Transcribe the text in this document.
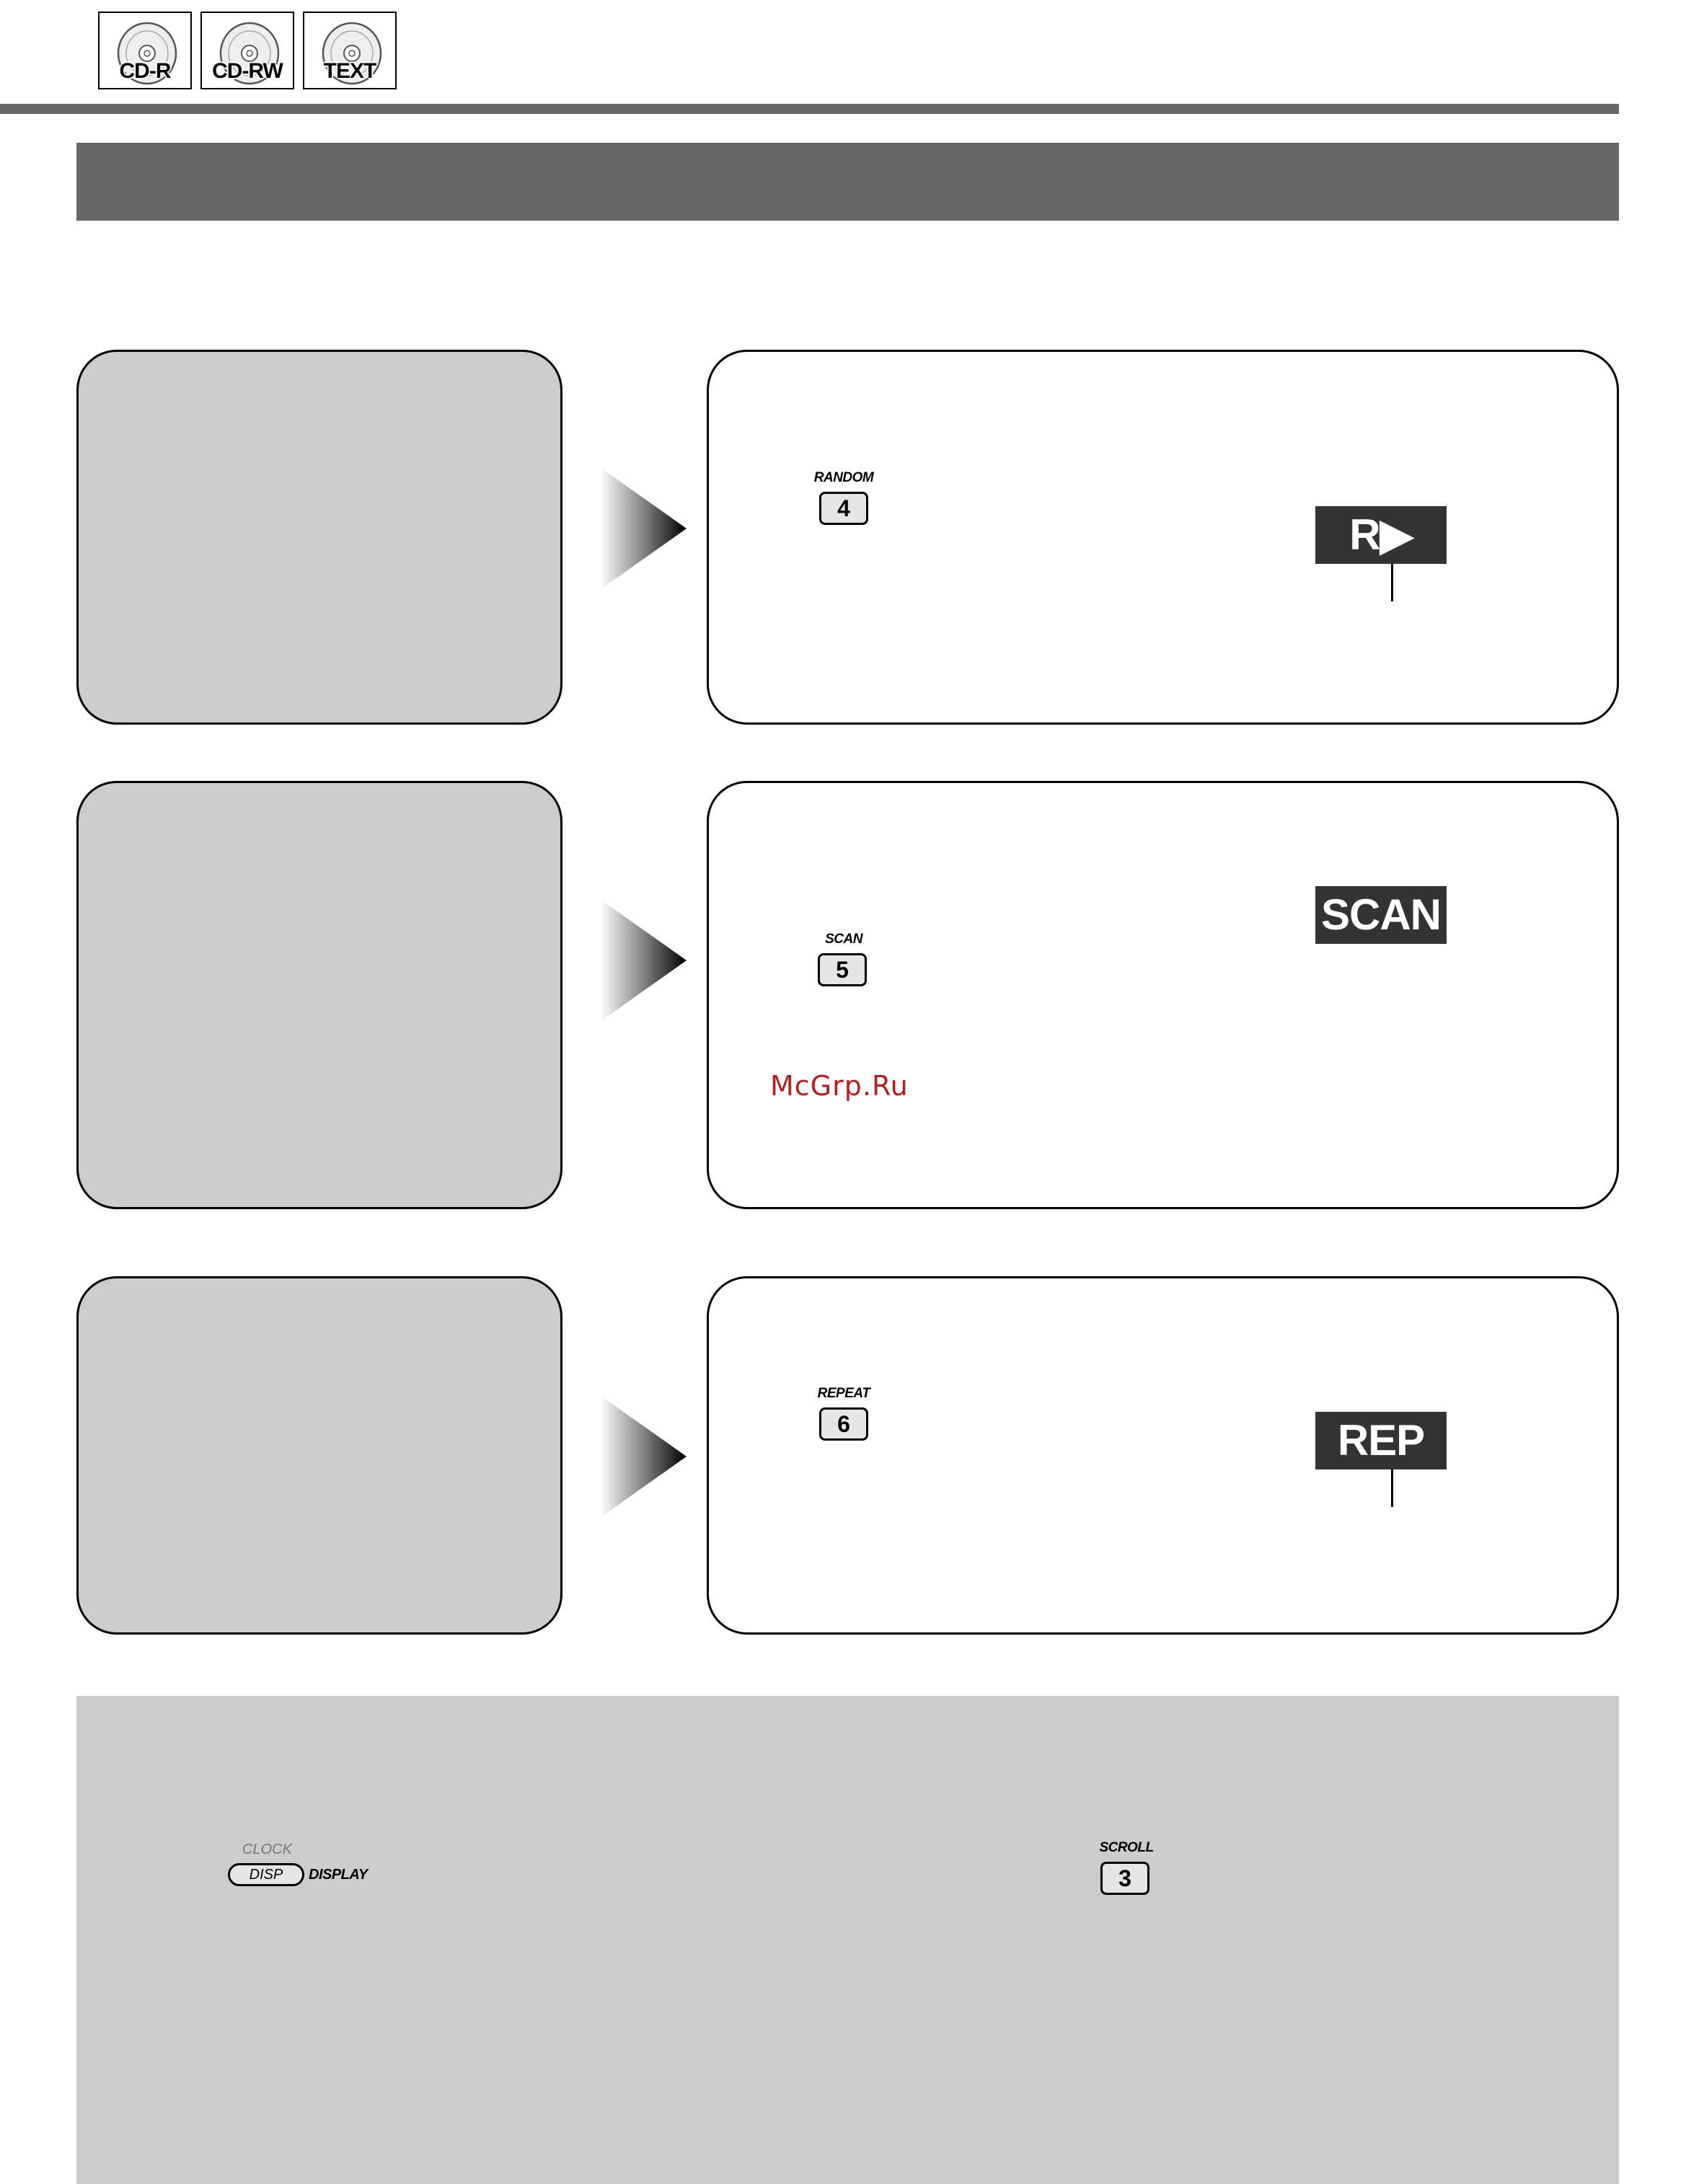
CD-R	CD-RW	TEXT
RANDOM
4
R▶
SCAN
5
SCAN
McGrp.Ru
REPEAT
6	REP
CLOCK
DISP	DISPLAY
SCROLL
3
